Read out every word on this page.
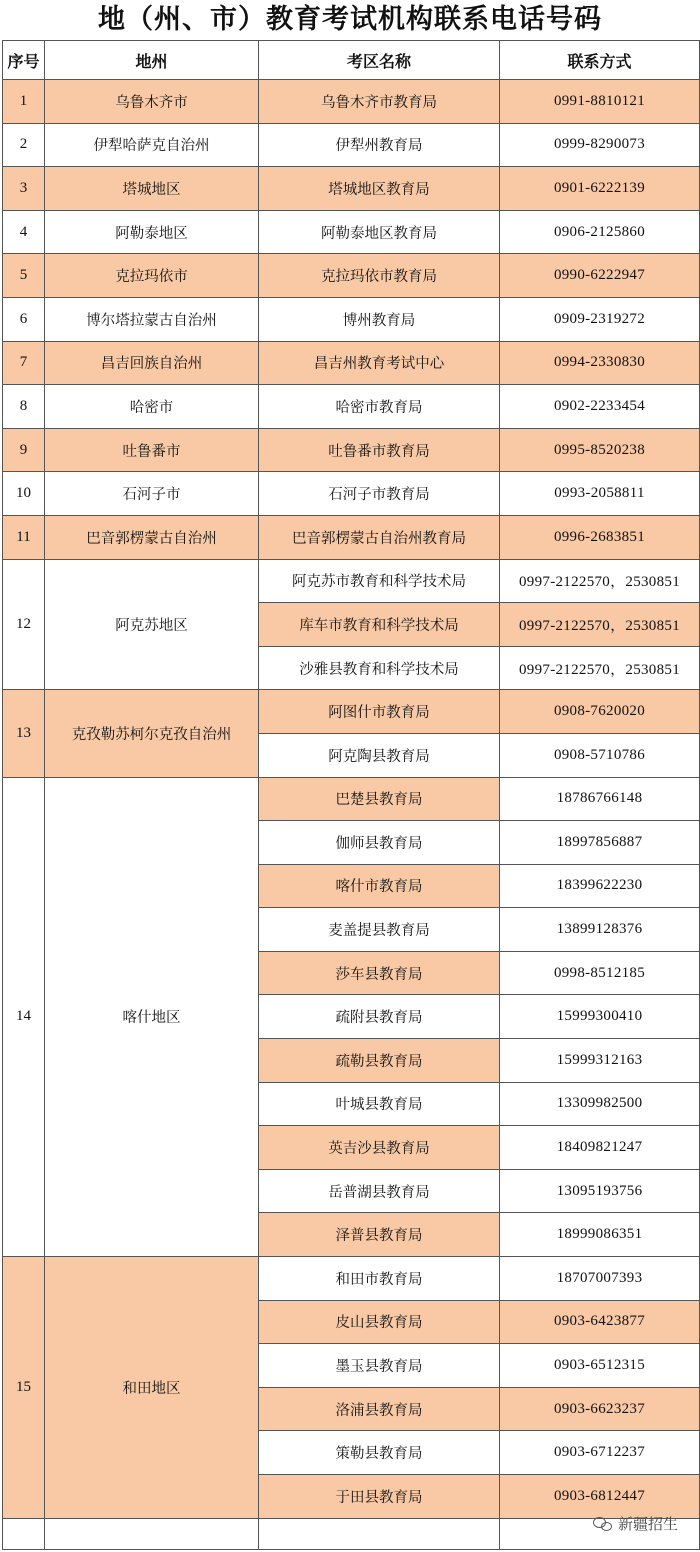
地（州、市）教育考试机构联系电话号码
序号	地州	考区名称	联系方式
1	乌鲁木齐市	乌鲁木齐市教育局	0991-8810121
2	伊犁哈萨克自治州	伊犁州教育局	0999-8290073
3	塔城地区	塔城地区教育局	0901-6222139
4	阿勒泰地区	阿勒泰地区教育局	0906-2125860
5	克拉玛依市	克拉玛依市教育局	0990-6222947
6	博尔塔拉蒙古自治州	博州教育局	0909-2319272
7	昌吉回族自治州	昌吉州教育考试中心	0994-2330830
8	哈密市	哈密市教育局	0902-2233454
9	吐鲁番市	吐鲁番市教育局	0995-8520238
10	石河子市	石河子市教育局	0993-2058811
11	巴音郭楞蒙古自治州	巴音郭楞蒙古自治州教育局	0996-2683851
12	阿克苏地区	阿克苏市教育和科学技术局	0997-2122570，2530851
		库车市教育和科学技术局	0997-2122570，2530851
		沙雅县教育和科学技术局	0997-2122570，2530851
13	克孜勒苏柯尔克孜自治州	阿图什市教育局	0908-7620020
		阿克陶县教育局	0908-5710786
14	喀什地区	巴楚县教育局	18786766148
		伽师县教育局	18997856887
		喀什市教育局	18399622230
		麦盖提县教育局	13899128376
		莎车县教育局	0998-8512185
		疏附县教育局	15999300410
		疏勒县教育局	15999312163
		叶城县教育局	13309982500
		英吉沙县教育局	18409821247
		岳普湖县教育局	13095193756
		泽普县教育局	18999086351
15	和田地区	和田市教育局	18707007393
		皮山县教育局	0903-6423877
		墨玉县教育局	0903-6512315
		洛浦县教育局	0903-6623237
		策勒县教育局	0903-6712237
		于田县教育局	0903-6812447

新疆招生
